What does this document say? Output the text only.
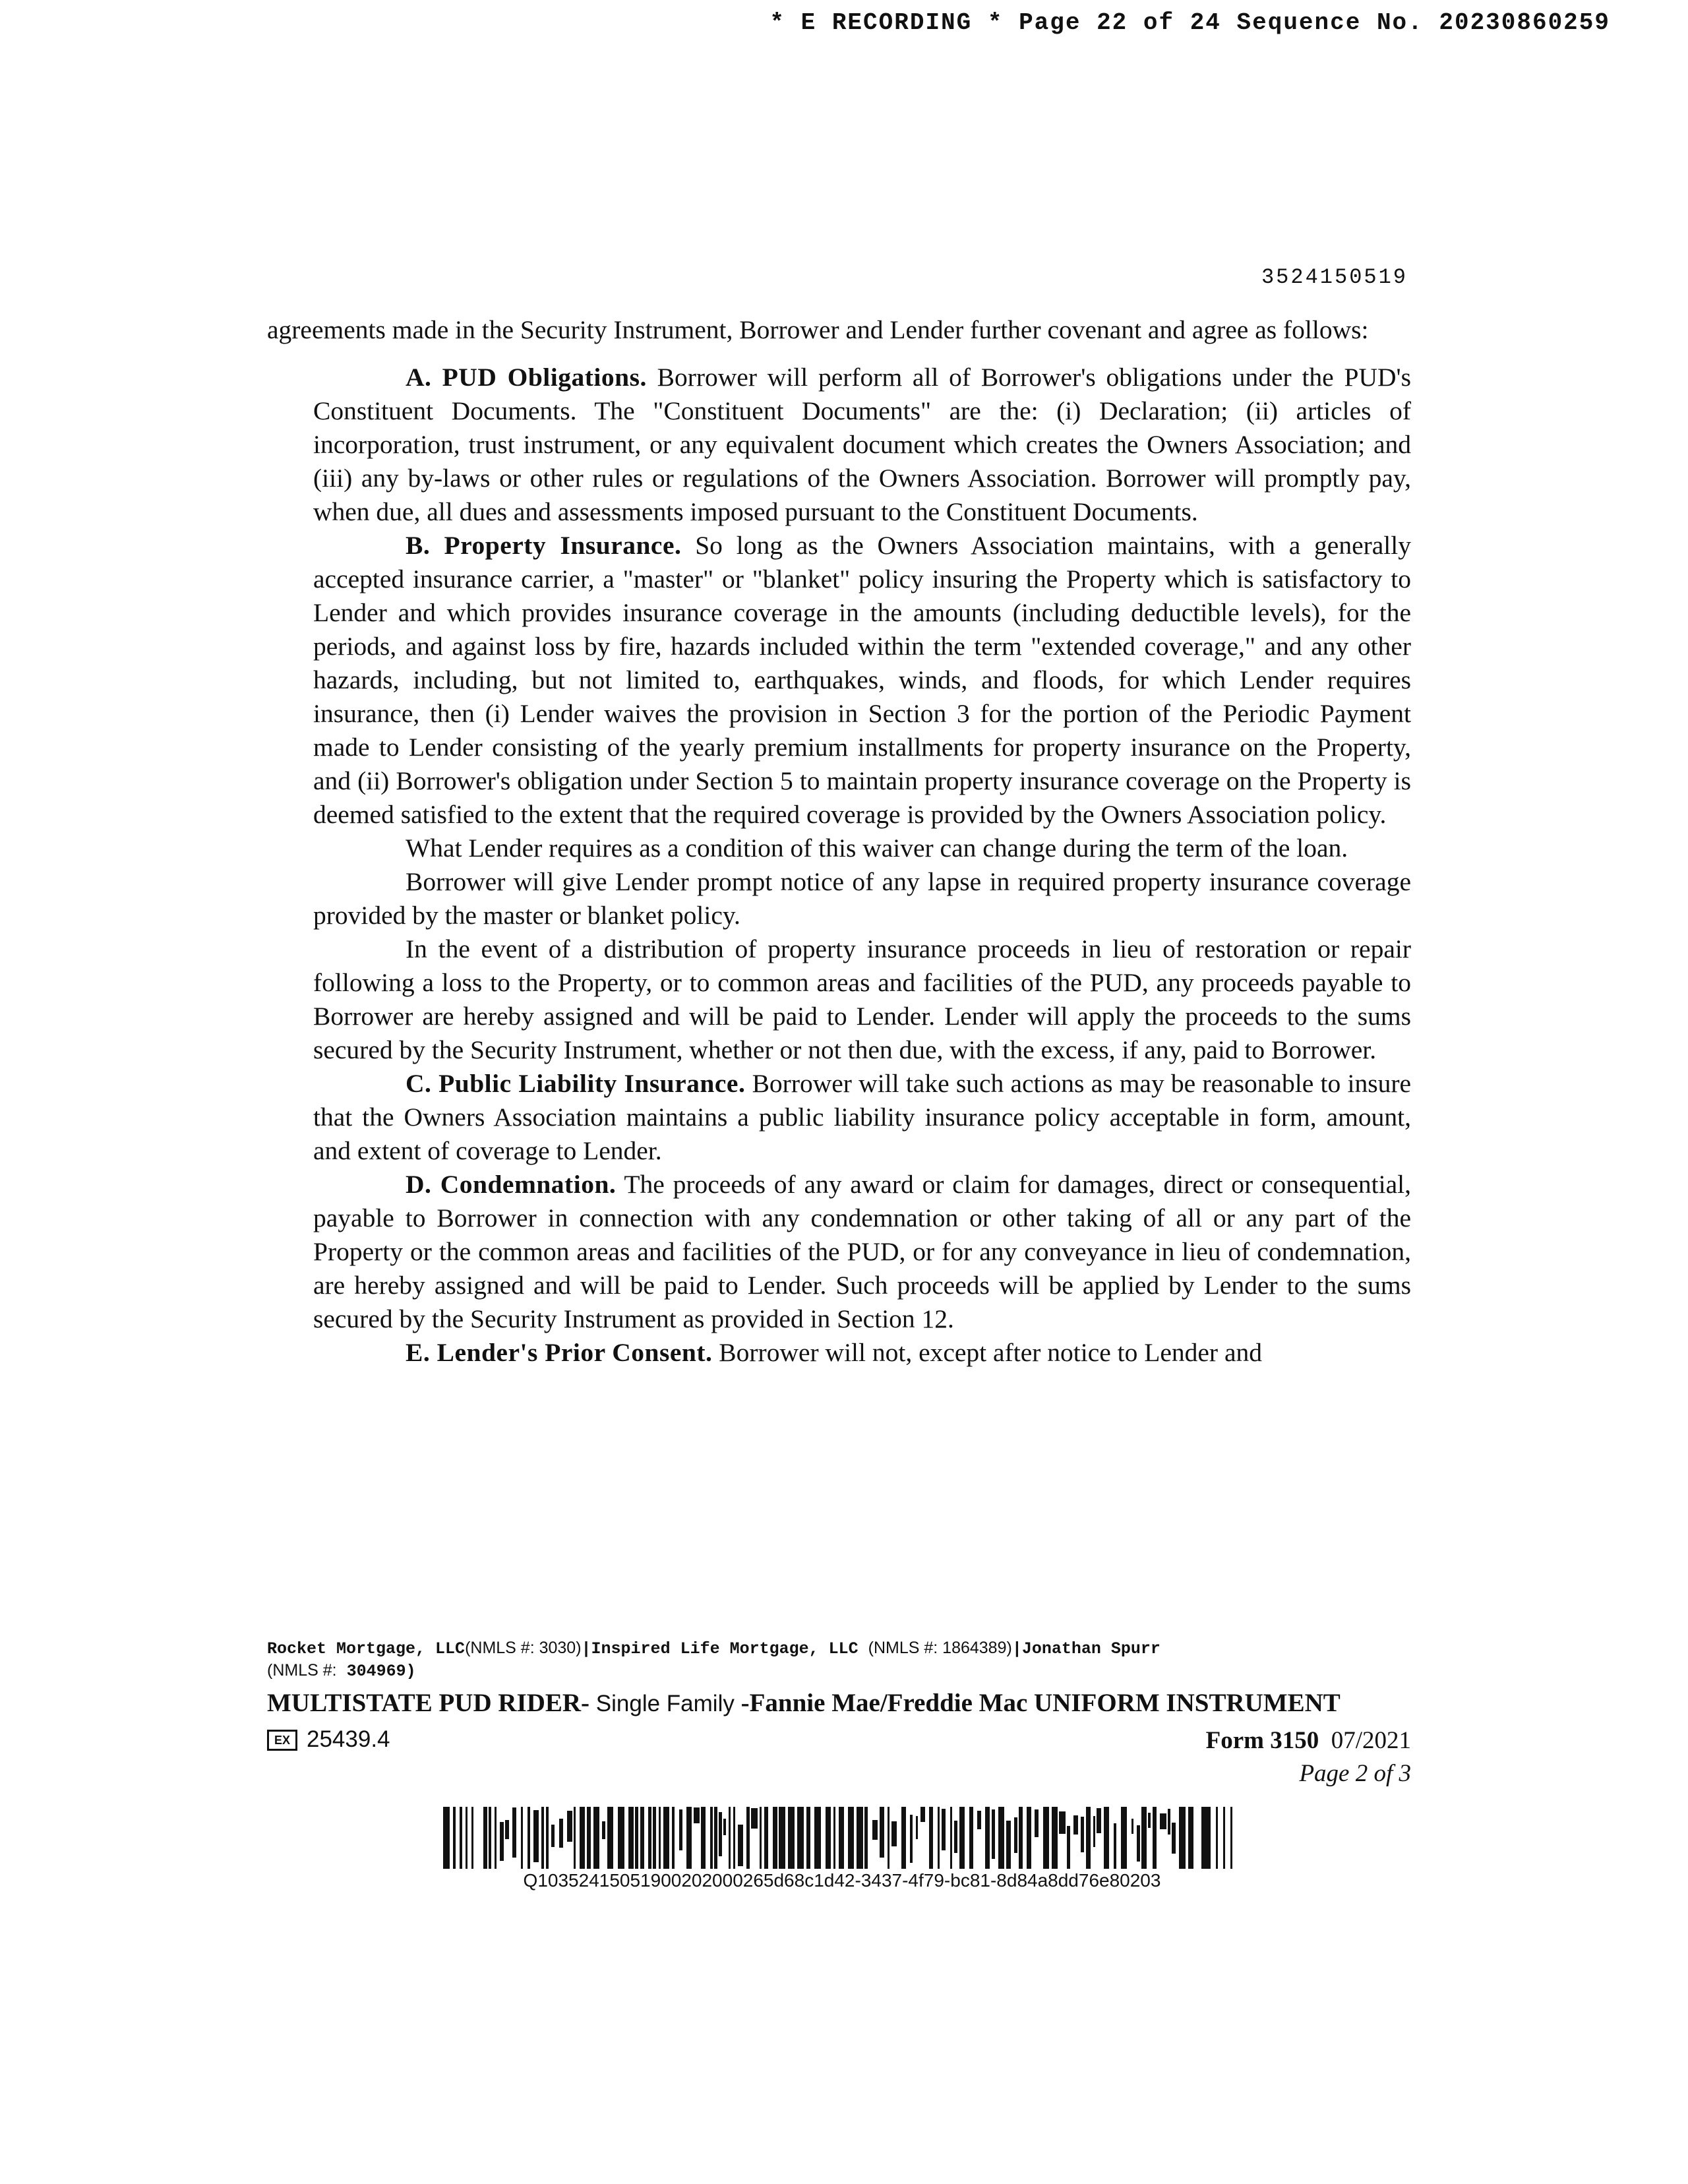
* E RECORDING * Page 22 of 24 Sequence No. 20230860259
3524150519

agreements made in the Security Instrument, Borrower and Lender further covenant and agree as follows:

A. PUD Obligations. Borrower will perform all of Borrower's obligations under the PUD's Constituent Documents. The "Constituent Documents" are the: (i) Declaration; (ii) articles of incorporation, trust instrument, or any equivalent document which creates the Owners Association; and (iii) any by-laws or other rules or regulations of the Owners Association. Borrower will promptly pay, when due, all dues and assessments imposed pursuant to the Constituent Documents.

B. Property Insurance. So long as the Owners Association maintains, with a generally accepted insurance carrier, a "master" or "blanket" policy insuring the Property which is satisfactory to Lender and which provides insurance coverage in the amounts (including deductible levels), for the periods, and against loss by fire, hazards included within the term "extended coverage," and any other hazards, including, but not limited to, earthquakes, winds, and floods, for which Lender requires insurance, then (i) Lender waives the provision in Section 3 for the portion of the Periodic Payment made to Lender consisting of the yearly premium installments for property insurance on the Property, and (ii) Borrower's obligation under Section 5 to maintain property insurance coverage on the Property is deemed satisfied to the extent that the required coverage is provided by the Owners Association policy.

What Lender requires as a condition of this waiver can change during the term of the loan.

Borrower will give Lender prompt notice of any lapse in required property insurance coverage provided by the master or blanket policy.

In the event of a distribution of property insurance proceeds in lieu of restoration or repair following a loss to the Property, or to common areas and facilities of the PUD, any proceeds payable to Borrower are hereby assigned and will be paid to Lender. Lender will apply the proceeds to the sums secured by the Security Instrument, whether or not then due, with the excess, if any, paid to Borrower.

C. Public Liability Insurance. Borrower will take such actions as may be reasonable to insure that the Owners Association maintains a public liability insurance policy acceptable in form, amount, and extent of coverage to Lender.

D. Condemnation. The proceeds of any award or claim for damages, direct or consequential, payable to Borrower in connection with any condemnation or other taking of all or any part of the Property or the common areas and facilities of the PUD, or for any conveyance in lieu of condemnation, are hereby assigned and will be paid to Lender. Such proceeds will be applied by Lender to the sums secured by the Security Instrument as provided in Section 12.

E. Lender's Prior Consent. Borrower will not, except after notice to Lender and

Rocket Mortgage, LLC(NMLS #: 3030)|Inspired Life Mortgage, LLC (NMLS #: 1864389)|Jonathan Spurr
(NMLS #: 304969)
MULTISTATE PUD RIDER- Single Family -Fannie Mae/Freddie Mac UNIFORM INSTRUMENT
EX 25439.4	Form 3150 07/2021
Page 2 of 3
Q10352415051900202000265d68c1d42-3437-4f79-bc81-8d84a8dd76e80203
